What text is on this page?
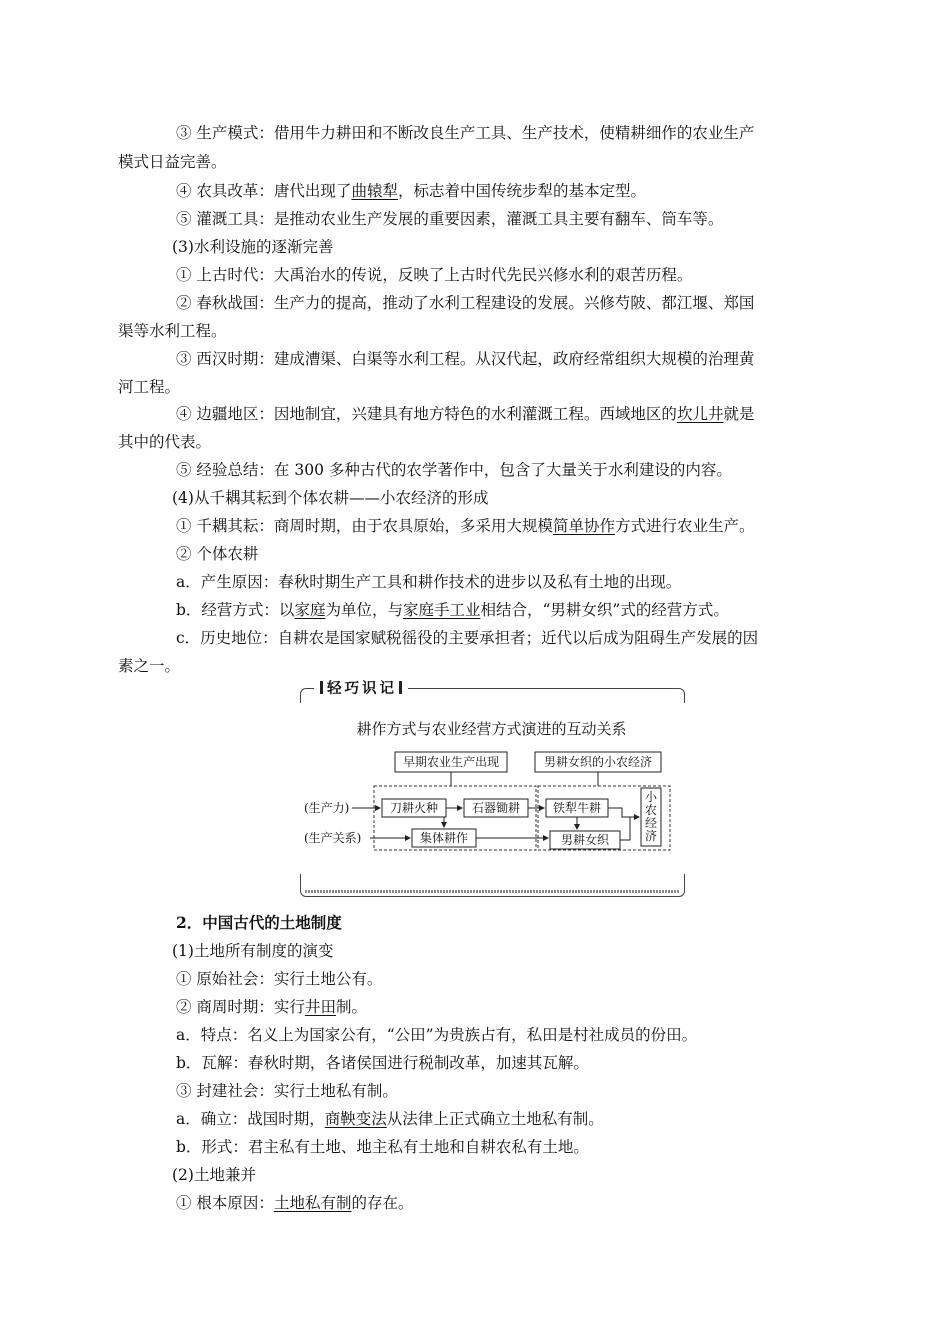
③ 生产模式：借用牛力耕田和不断改良生产工具、生产技术，使精耕细作的农业生产
模式日益完善。
④ 农具改革：唐代出现了曲辕犁，标志着中国传统步犁的基本定型。
⑤ 灌溉工具：是推动农业生产发展的重要因素，灌溉工具主要有翻车、筒车等。
(3)水利设施的逐渐完善
① 上古时代：大禹治水的传说，反映了上古时代先民兴修水利的艰苦历程。
② 春秋战国：生产力的提高，推动了水利工程建设的发展。兴修芍陂、都江堰、郑国
渠等水利工程。
③ 西汉时期：建成漕渠、白渠等水利工程。从汉代起，政府经常组织大规模的治理黄
河工程。
④ 边疆地区：因地制宜，兴建具有地方特色的水利灌溉工程。西域地区的坎儿井就是
其中的代表。
⑤ 经验总结：在 300 多种古代的农学著作中，包含了大量关于水利建设的内容。
(4)从千耦其耘到个体农耕——小农经济的形成
① 千耦其耘：商周时期，由于农具原始，多采用大规模简单协作方式进行农业生产。
② 个体农耕
a．产生原因：春秋时期生产工具和耕作技术的进步以及私有土地的出现。
b．经营方式：以家庭为单位，与家庭手工业相结合，“男耕女织”式的经营方式。
c．历史地位：自耕农是国家赋税徭役的主要承担者；近代以后成为阻碍生产发展的因
素之一。
轻巧识记
耕作方式与农业经营方式演进的互动关系
早期农业生产出现	男耕女织的小农经济
(生产力)
(生产关系)
刀耕火种	石器锄耕
集体耕作
铁犁牛耕
男耕女织
小
农
经
济
2．中国古代的土地制度
(1)土地所有制度的演变
① 原始社会：实行土地公有。
② 商周时期：实行井田制。
a．特点：名义上为国家公有，“公田”为贵族占有，私田是村社成员的份田。
b．瓦解：春秋时期，各诸侯国进行税制改革，加速其瓦解。
③ 封建社会：实行土地私有制。
a．确立：战国时期，商鞅变法从法律上正式确立土地私有制。
b．形式：君主私有土地、地主私有土地和自耕农私有土地。
(2)土地兼并
① 根本原因：土地私有制的存在。
